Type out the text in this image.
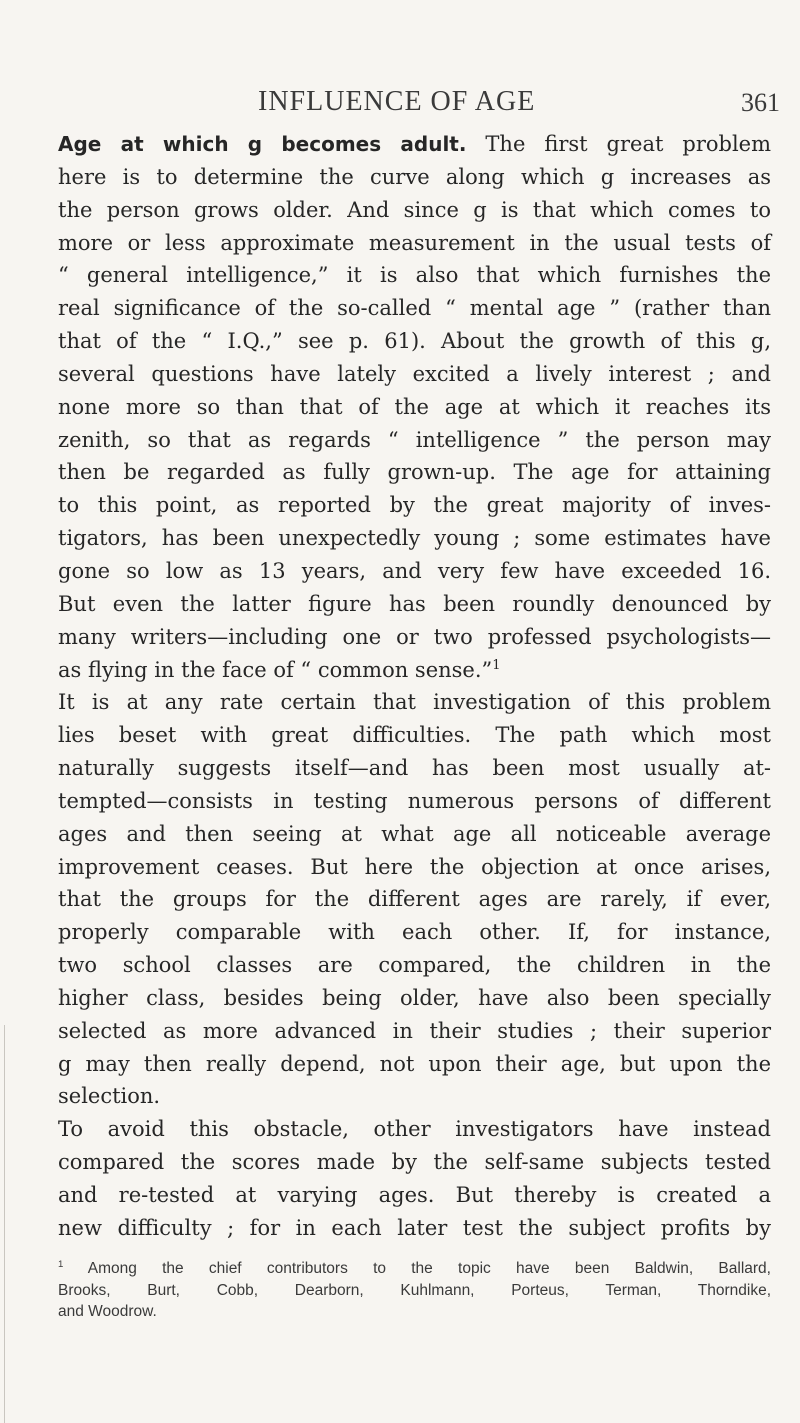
INFLUENCE OF AGE	361
Age at which g becomes adult. The first great problem
here is to determine the curve along which g increases as
the person grows older. And since g is that which comes to
more or less approximate measurement in the usual tests of
“ general intelligence,” it is also that which furnishes the
real significance of the so-called “ mental age ” (rather than
that of the “ I.Q.,” see p. 61). About the growth of this g,
several questions have lately excited a lively interest ; and
none more so than that of the age at which it reaches its
zenith, so that as regards “ intelligence ” the person may
then be regarded as fully grown-up. The age for attaining
to this point, as reported by the great majority of inves-
tigators, has been unexpectedly young ; some estimates have
gone so low as 13 years, and very few have exceeded 16.
But even the latter figure has been roundly denounced by
many writers—including one or two professed psychologists—
as flying in the face of “ common sense.”$^1$
It is at any rate certain that investigation of this problem
lies beset with great difficulties. The path which most
naturally suggests itself—and has been most usually at-
tempted—consists in testing numerous persons of different
ages and then seeing at what age all noticeable average
improvement ceases. But here the objection at once arises,
that the groups for the different ages are rarely, if ever,
properly comparable with each other. If, for instance,
two school classes are compared, the children in the
higher class, besides being older, have also been specially
selected as more advanced in their studies ; their superior
g may then really depend, not upon their age, but upon the
selection.
To avoid this obstacle, other investigators have instead
compared the scores made by the self-same subjects tested
and re-tested at varying ages. But thereby is created a
new difficulty ; for in each later test the subject profits by
$^1$ Among the chief contributors to the topic have been Baldwin, Ballard,
Brooks, Burt, Cobb, Dearborn, Kuhlmann, Porteus, Terman, Thorndike,
and Woodrow.
